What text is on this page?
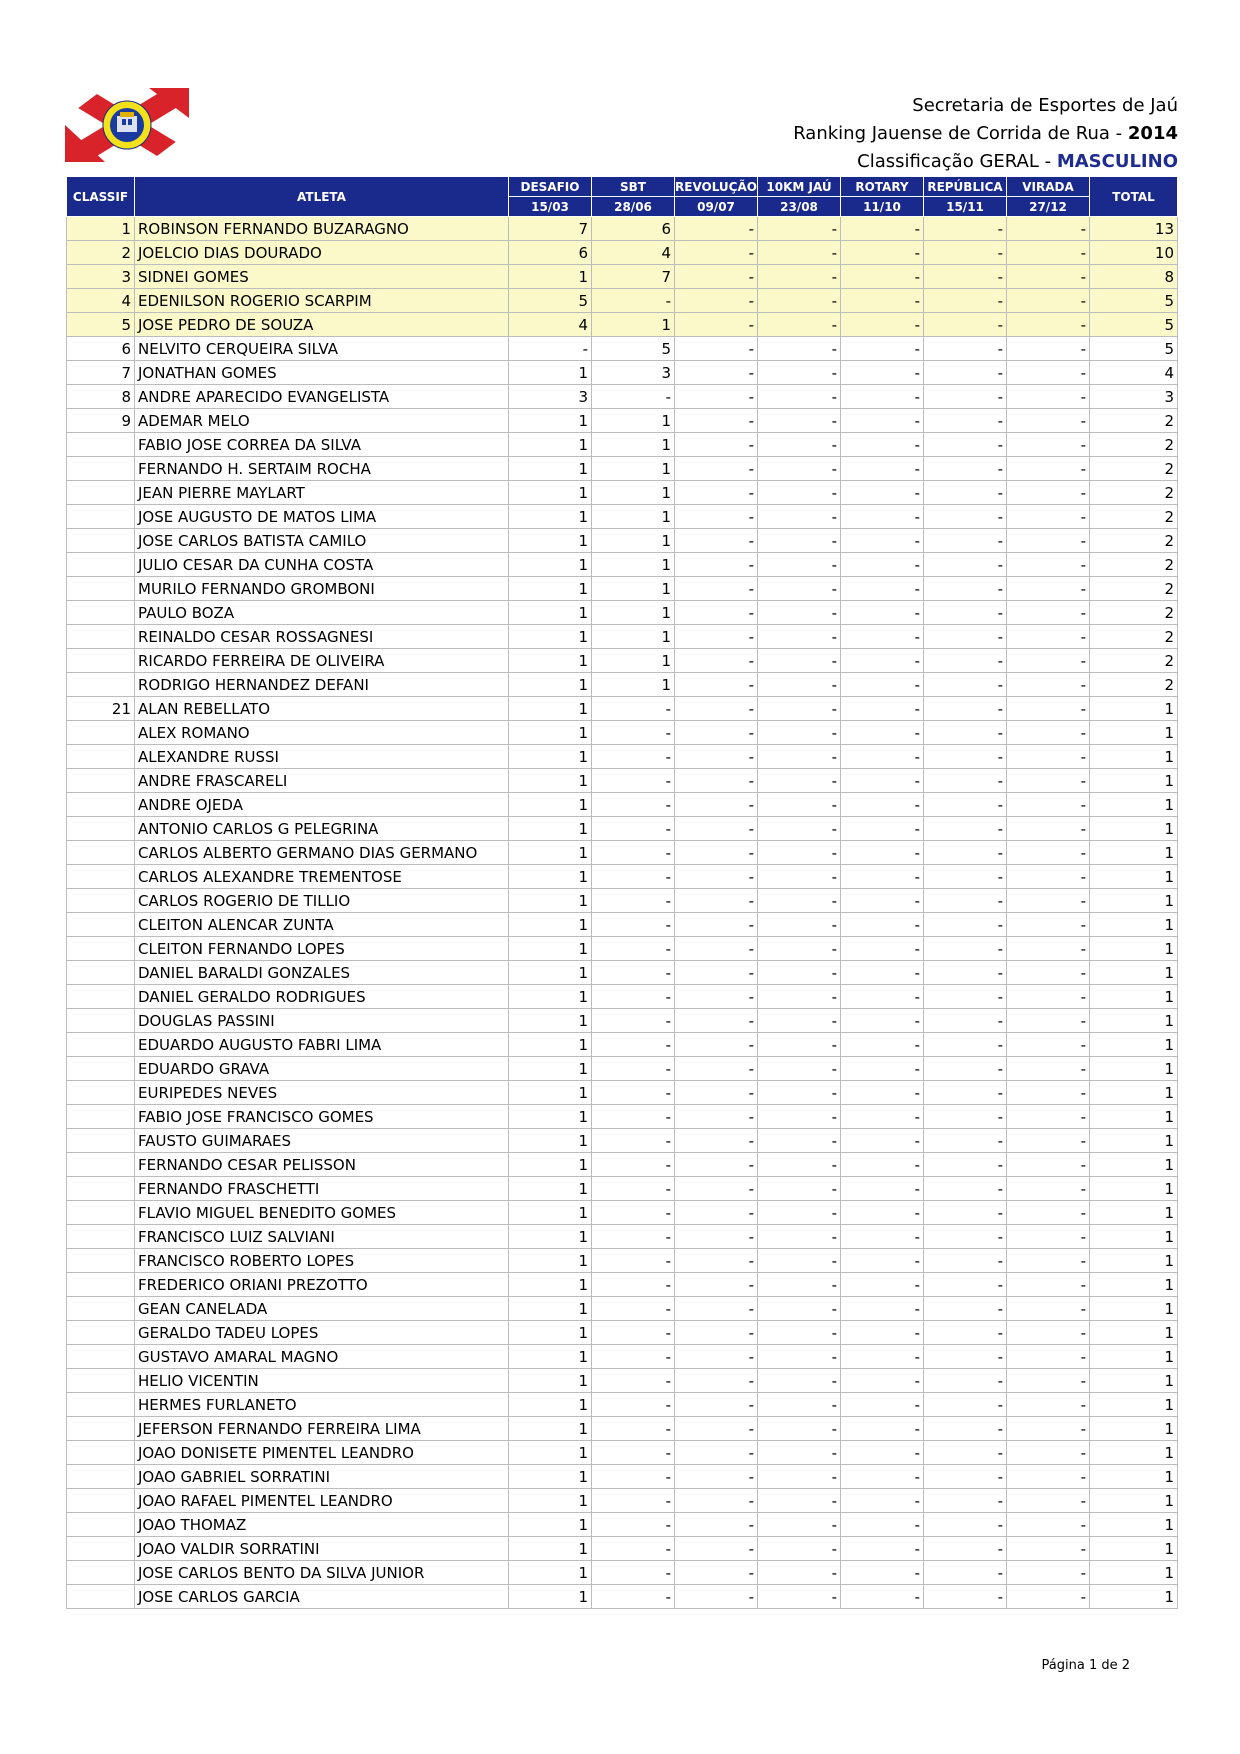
Secretaria de Esportes de Jaú
Ranking Jauense de Corrida de Rua - 2014
Classificação GERAL - MASCULINO
CLASSIF	ATLETA	DESAFIO	SBT	REVOLUÇÃO	10KM JAÚ	ROTARY	REPÚBLICA	VIRADA	TOTAL
		15/03	28/06	09/07	23/08	11/10	15/11	27/12	
1	ROBINSON FERNANDO BUZARAGNO	7	6	-	-	-	-	-	13
2	JOELCIO DIAS DOURADO	6	4	-	-	-	-	-	10
3	SIDNEI GOMES	1	7	-	-	-	-	-	8
4	EDENILSON ROGERIO SCARPIM	5	-	-	-	-	-	-	5
5	JOSE PEDRO DE SOUZA	4	1	-	-	-	-	-	5
6	NELVITO CERQUEIRA SILVA	-	5	-	-	-	-	-	5
7	JONATHAN GOMES	1	3	-	-	-	-	-	4
8	ANDRE APARECIDO EVANGELISTA	3	-	-	-	-	-	-	3
9	ADEMAR MELO	1	1	-	-	-	-	-	2
	FABIO JOSE CORREA DA SILVA	1	1	-	-	-	-	-	2
	FERNANDO H. SERTAIM ROCHA	1	1	-	-	-	-	-	2
	JEAN PIERRE MAYLART	1	1	-	-	-	-	-	2
	JOSE AUGUSTO DE MATOS LIMA	1	1	-	-	-	-	-	2
	JOSE CARLOS BATISTA CAMILO	1	1	-	-	-	-	-	2
	JULIO CESAR DA CUNHA COSTA	1	1	-	-	-	-	-	2
	MURILO FERNANDO GROMBONI	1	1	-	-	-	-	-	2
	PAULO BOZA	1	1	-	-	-	-	-	2
	REINALDO CESAR ROSSAGNESI	1	1	-	-	-	-	-	2
	RICARDO FERREIRA DE OLIVEIRA	1	1	-	-	-	-	-	2
	RODRIGO HERNANDEZ DEFANI	1	1	-	-	-	-	-	2
21	ALAN REBELLATO	1	-	-	-	-	-	-	1
	ALEX ROMANO	1	-	-	-	-	-	-	1
	ALEXANDRE RUSSI	1	-	-	-	-	-	-	1
	ANDRE FRASCARELI	1	-	-	-	-	-	-	1
	ANDRE OJEDA	1	-	-	-	-	-	-	1
	ANTONIO CARLOS G PELEGRINA	1	-	-	-	-	-	-	1
	CARLOS ALBERTO GERMANO DIAS GERMANO	1	-	-	-	-	-	-	1
	CARLOS ALEXANDRE TREMENTOSE	1	-	-	-	-	-	-	1
	CARLOS ROGERIO DE TILLIO	1	-	-	-	-	-	-	1
	CLEITON ALENCAR ZUNTA	1	-	-	-	-	-	-	1
	CLEITON FERNANDO LOPES	1	-	-	-	-	-	-	1
	DANIEL BARALDI GONZALES	1	-	-	-	-	-	-	1
	DANIEL GERALDO RODRIGUES	1	-	-	-	-	-	-	1
	DOUGLAS PASSINI	1	-	-	-	-	-	-	1
	EDUARDO AUGUSTO FABRI LIMA	1	-	-	-	-	-	-	1
	EDUARDO GRAVA	1	-	-	-	-	-	-	1
	EURIPEDES NEVES	1	-	-	-	-	-	-	1
	FABIO JOSE FRANCISCO GOMES	1	-	-	-	-	-	-	1
	FAUSTO GUIMARAES	1	-	-	-	-	-	-	1
	FERNANDO CESAR PELISSON	1	-	-	-	-	-	-	1
	FERNANDO FRASCHETTI	1	-	-	-	-	-	-	1
	FLAVIO MIGUEL BENEDITO GOMES	1	-	-	-	-	-	-	1
	FRANCISCO LUIZ SALVIANI	1	-	-	-	-	-	-	1
	FRANCISCO ROBERTO LOPES	1	-	-	-	-	-	-	1
	FREDERICO ORIANI PREZOTTO	1	-	-	-	-	-	-	1
	GEAN CANELADA	1	-	-	-	-	-	-	1
	GERALDO TADEU LOPES	1	-	-	-	-	-	-	1
	GUSTAVO AMARAL MAGNO	1	-	-	-	-	-	-	1
	HELIO VICENTIN	1	-	-	-	-	-	-	1
	HERMES FURLANETO	1	-	-	-	-	-	-	1
	JEFERSON FERNANDO FERREIRA LIMA	1	-	-	-	-	-	-	1
	JOAO DONISETE PIMENTEL LEANDRO	1	-	-	-	-	-	-	1
	JOAO GABRIEL SORRATINI	1	-	-	-	-	-	-	1
	JOAO RAFAEL PIMENTEL LEANDRO	1	-	-	-	-	-	-	1
	JOAO THOMAZ	1	-	-	-	-	-	-	1
	JOAO VALDIR SORRATINI	1	-	-	-	-	-	-	1
	JOSE CARLOS BENTO DA SILVA JUNIOR	1	-	-	-	-	-	-	1
	JOSE CARLOS GARCIA	1	-	-	-	-	-	-	1
Página 1 de 2
